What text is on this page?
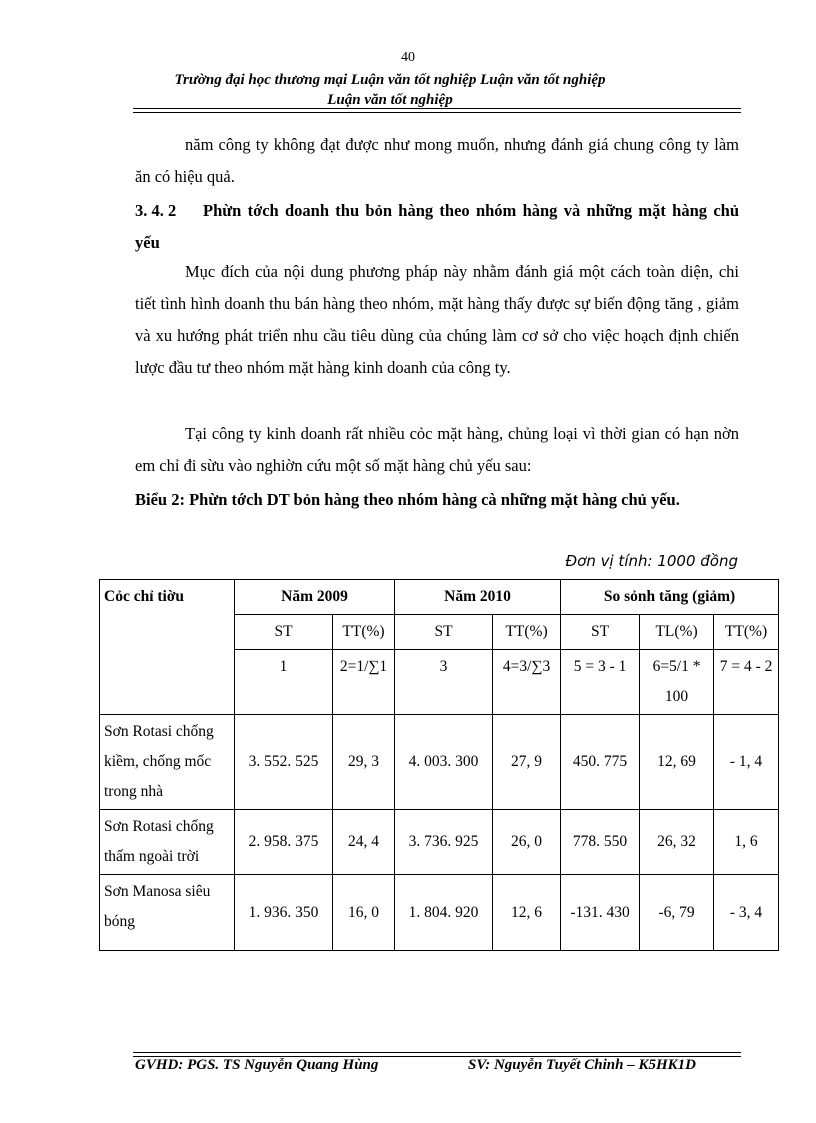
40
Trường đại học thương mại Luận văn tốt nghiệp Luận văn tốt nghiệp
Luận văn tốt nghiệp
năm công ty không đạt được như mong muốn, nhưng đánh giá chung công ty làm ăn có hiệu quả.
3. 4. 2 Phừn tớch doanh thu bỏn hàng theo nhóm hàng và những mặt hàng chủ yếu
Mục đích của nội dung phương pháp này nhằm đánh giá một cách toàn diện, chi tiết tình hình doanh thu bán hàng theo nhóm, mặt hàng thấy được sự biến động tăng , giảm và xu hướng phát triển nhu cầu tiêu dùng của chúng làm cơ sở cho việc hoạch định chiến lược đầu tư theo nhóm mặt hàng kinh doanh của công ty.
Tại công ty kinh doanh rất nhiều cỏc mặt hàng, chủng loại vì thời gian có hạn nờn em chỉ đi sừu vào nghiờn cứu một số mặt hàng chủ yếu sau:
Biểu 2: Phừn tớch DT bỏn hàng theo nhóm hàng cà những mặt hàng chủ yếu.
Đơn vị tính: 1000 đồng
Cỏc chỉ tiờu	Năm 2009		Năm 2010		So sỏnh tăng (giảm)		
	ST	TT(%)	ST	TT(%)	ST	TL(%)	TT(%)
	1	2=1/∑1	3	4=3/∑3	5 = 3 - 1	6=5/1 * 100	7 = 4 - 2
Sơn Rotasi chống kiềm, chống mốc trong nhà	3. 552. 525	29, 3	4. 003. 300	27, 9	450. 775	12, 69	- 1, 4
Sơn Rotasi chống thấm ngoài trời	2. 958. 375	24, 4	3. 736. 925	26, 0	778. 550	26, 32	1, 6
Sơn Manosa siêu bóng	1. 936. 350	16, 0	1. 804. 920	12, 6	-131. 430	-6, 79	- 3, 4
GVHD: PGS. TS Nguyễn Quang Hùng	SV: Nguyễn Tuyết Chinh – K5HK1D
